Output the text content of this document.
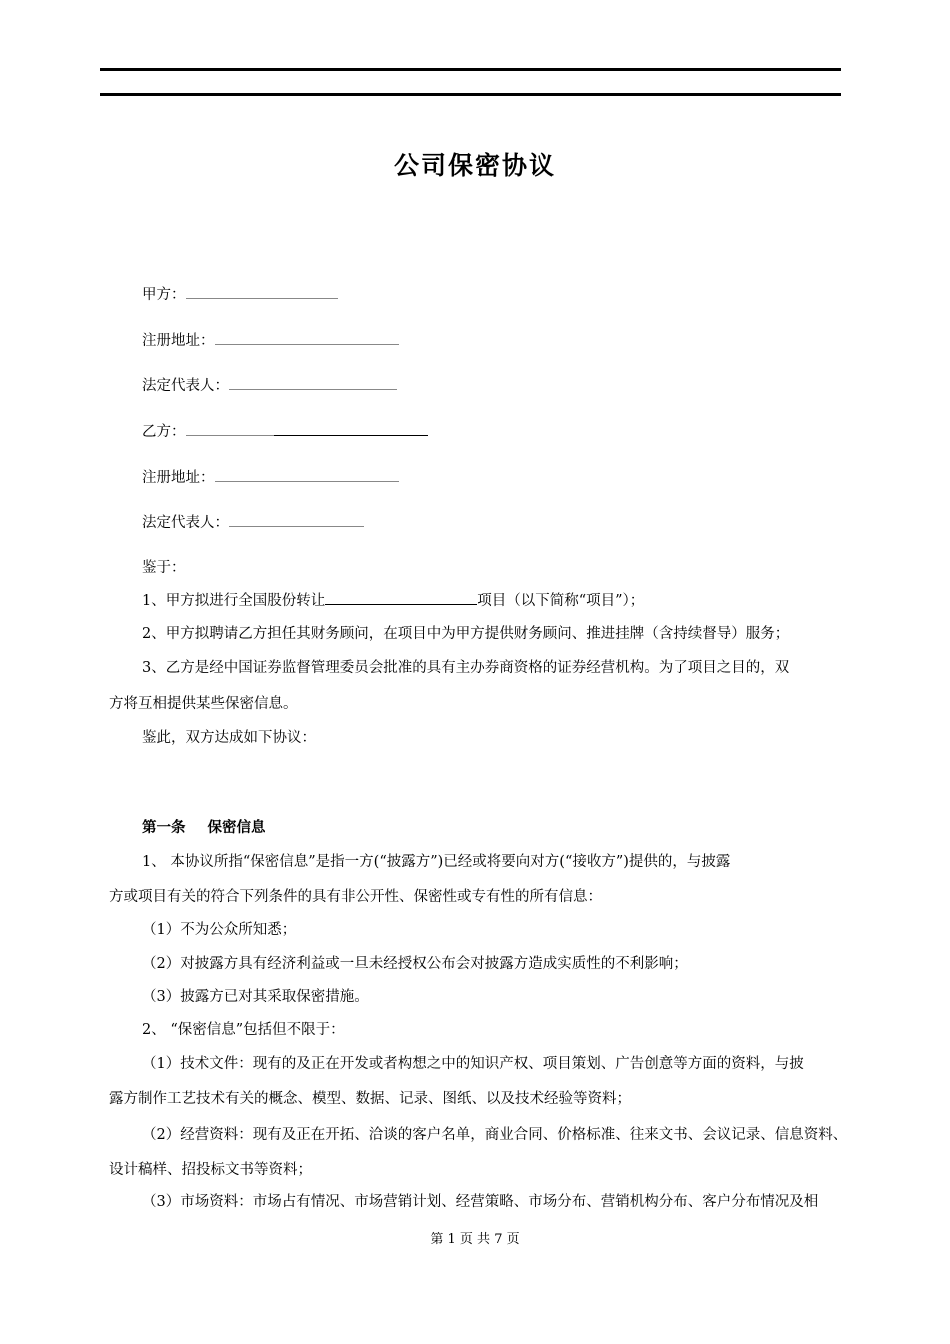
公司保密协议
甲方：
注册地址：
法定代表人：
乙方：
注册地址：
法定代表人：
鉴于：
1、甲方拟进行全国股份转让	项目（以下简称“项目”）；
2、甲方拟聘请乙方担任其财务顾问，在项目中为甲方提供财务顾问、推进挂牌（含持续督导）服务；
3、乙方是经中国证券监督管理委员会批准的具有主办券商资格的证券经营机构。为了项目之目的，双
方将互相提供某些保密信息。
鉴此，双方达成如下协议：
第一条 保密信息
1、 本协议所指“保密信息”是指一方(“披露方”)已经或将要向对方(“接收方”)提供的，与披露
方或项目有关的符合下列条件的具有非公开性、保密性或专有性的所有信息：
（1）不为公众所知悉；
（2）对披露方具有经济利益或一旦未经授权公布会对披露方造成实质性的不利影响；
（3）披露方已对其采取保密措施。
2、 “保密信息”包括但不限于：
（1）技术文件：现有的及正在开发或者构想之中的知识产权、项目策划、广告创意等方面的资料，与披
露方制作工艺技术有关的概念、模型、数据、记录、图纸、以及技术经验等资料；
（2）经营资料：现有及正在开拓、洽谈的客户名单，商业合同、价格标准、往来文书、会议记录、信息资料、
设计稿样、招投标文书等资料；
（3）市场资料：市场占有情况、市场营销计划、经营策略、市场分布、营销机构分布、客户分布情况及相
第 1 页 共 7 页
